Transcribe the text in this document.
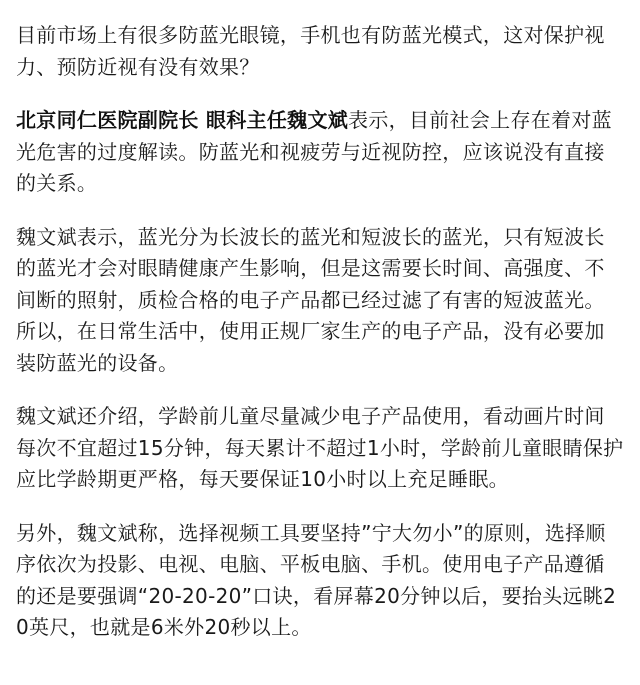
目前市场上有很多防蓝光眼镜，手机也有防蓝光模式，这对保护视力、预防近视有没有效果？

北京同仁医院副院长 眼科主任魏文斌表示，目前社会上存在着对蓝光危害的过度解读。防蓝光和视疲劳与近视防控，应该说没有直接的关系。

魏文斌表示，蓝光分为长波长的蓝光和短波长的蓝光，只有短波长的蓝光才会对眼睛健康产生影响，但是这需要长时间、高强度、不间断的照射，质检合格的电子产品都已经过滤了有害的短波蓝光。所以，在日常生活中，使用正规厂家生产的电子产品，没有必要加装防蓝光的设备。

魏文斌还介绍，学龄前儿童尽量减少电子产品使用，看动画片时间每次不宜超过15分钟，每天累计不超过1小时，学龄前儿童眼睛保护应比学龄期更严格，每天要保证10小时以上充足睡眠。

另外，魏文斌称，选择视频工具要坚持”宁大勿小”的原则，选择顺序依次为投影、电视、电脑、平板电脑、手机。使用电子产品遵循的还是要强调“20-20-20”口诀，看屏幕20分钟以后，要抬头远眺20英尺，也就是6米外20秒以上。
